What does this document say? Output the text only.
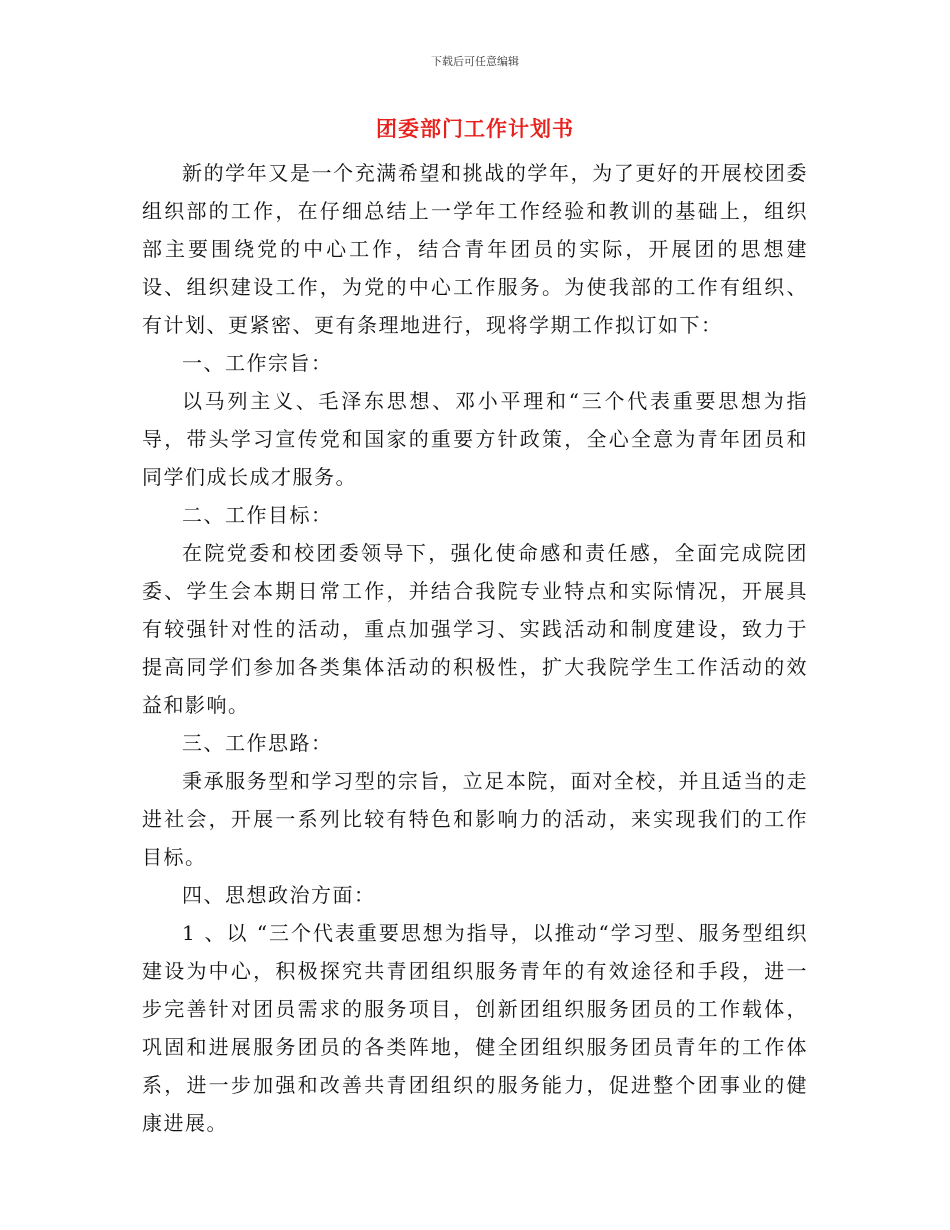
下载后可任意编辑
团委部门工作计划书

新的学年又是一个充满希望和挑战的学年，为了更好的开展校团委组织部的工作，在仔细总结上一学年工作经验和教训的基础上，组织部主要围绕党的中心工作，结合青年团员的实际，开展团的思想建设、组织建设工作，为党的中心工作服务。为使我部的工作有组织、有计划、更紧密、更有条理地进行，现将学期工作拟订如下：

一、工作宗旨：

以马列主义、毛泽东思想、邓小平理和“三个代表重要思想为指导，带头学习宣传党和国家的重要方针政策，全心全意为青年团员和同学们成长成才服务。

二、工作目标：

在院党委和校团委领导下，强化使命感和责任感，全面完成院团委、学生会本期日常工作，并结合我院专业特点和实际情况，开展具有较强针对性的活动，重点加强学习、实践活动和制度建设，致力于提高同学们参加各类集体活动的积极性，扩大我院学生工作活动的效益和影响。

三、工作思路：

秉承服务型和学习型的宗旨，立足本院，面对全校，并且适当的走进社会，开展一系列比较有特色和影响力的活动，来实现我们的工作目标。

四、思想政治方面：

1 、以 “三个代表重要思想为指导，以推动“学习型、服务型组织建设为中心，积极探究共青团组织服务青年的有效途径和手段，进一步完善针对团员需求的服务项目，创新团组织服务团员的工作载体，巩固和进展服务团员的各类阵地，健全团组织服务团员青年的工作体系，进一步加强和改善共青团组织的服务能力，促进整个团事业的健康进展。
